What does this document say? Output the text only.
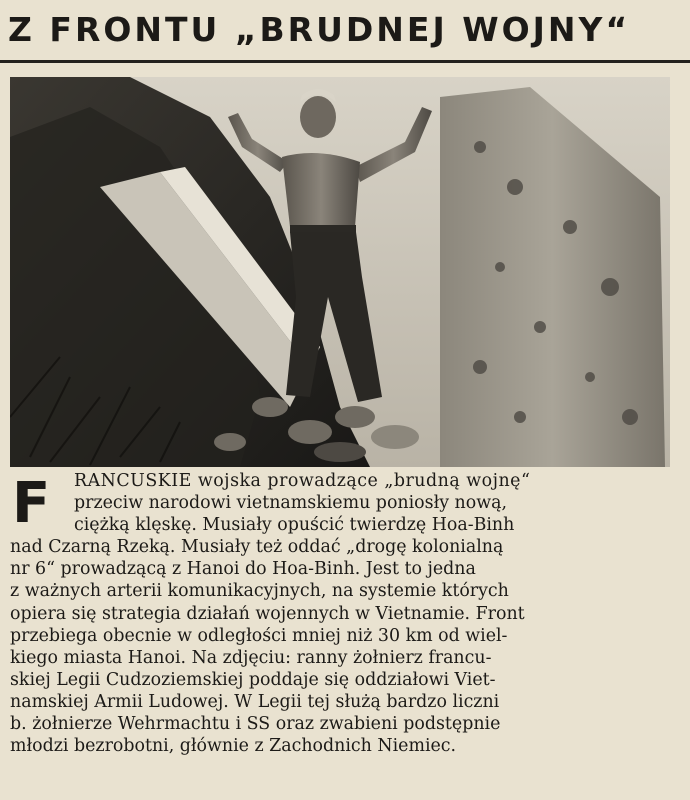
Z FRONTU „BRUDNEJ WOJNY“
F	RANCUSKIE wojska prowadzące „brudną wojnę“
przeciw narodowi vietnamskiemu poniosły nową,
ciężką klęskę. Musiały opuścić twierdzę Hoa-Binh
nad Czarną Rzeką. Musiały też oddać „drogę kolonialną
nr 6“ prowadzącą z Hanoi do Hoa-Binh. Jest to jedna
z ważnych arterii komunikacyjnych, na systemie których
opiera się strategia działań wojennych w Vietnamie. Front
przebiega obecnie w odległości mniej niż 30 km od wiel-
kiego miasta Hanoi. Na zdjęciu: ranny żołnierz francu-
skiej Legii Cudzoziemskiej poddaje się oddziałowi Viet-
namskiej Armii Ludowej. W Legii tej służą bardzo liczni
b. żołnierze Wehrmachtu i SS oraz zwabieni podstępnie
młodzi bezrobotni, głównie z Zachodnich Niemiec.
